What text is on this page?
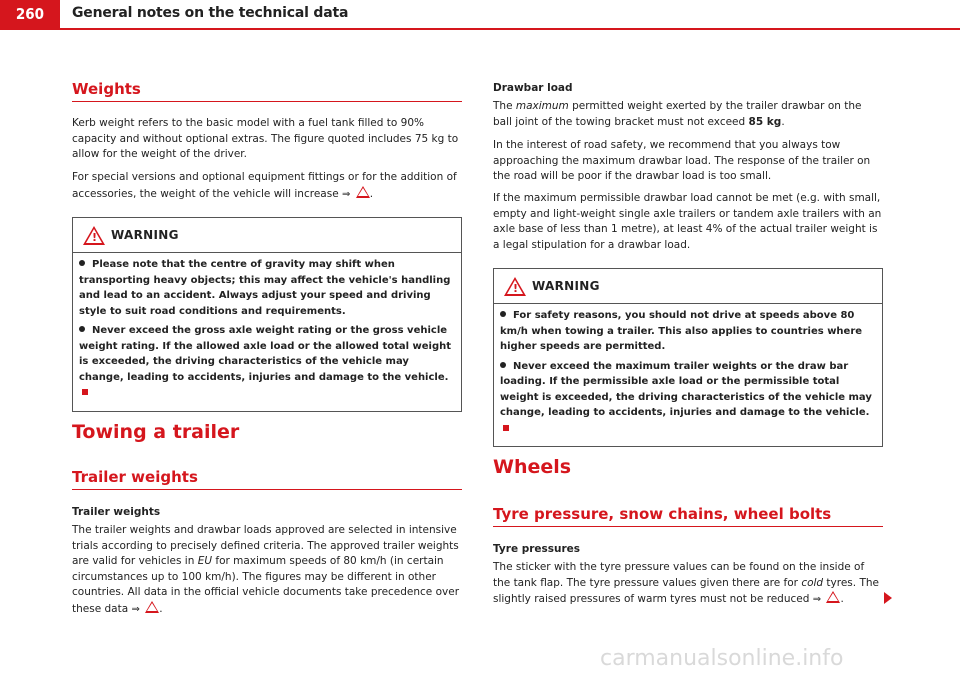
260	General notes on the technical data
Weights
Kerb weight refers to the basic model with a fuel tank filled to 90% capacity and without optional extras. The figure quoted includes 75 kg to allow for the weight of the driver.
For special versions and optional equipment fittings or for the addition of accessories, the weight of the vehicle will increase ⇒ .
! WARNING

Please note that the centre of gravity may shift when transporting heavy objects; this may affect the vehicle's handling and lead to an accident. Always adjust your speed and driving style to suit road conditions and requirements.

Never exceed the gross axle weight rating or the gross vehicle weight rating. If the allowed axle load or the allowed total weight is exceeded, the driving characteristics of the vehicle may change, leading to accidents, injuries and damage to the vehicle.

Towing a trailer
Trailer weights
Trailer weights
The trailer weights and drawbar loads approved are selected in intensive trials according to precisely defined criteria. The approved trailer weights are valid for vehicles in EU for maximum speeds of 80 km/h (in certain circumstances up to 100 km/h). The figures may be different in other countries. All data in the official vehicle documents take precedence over these data ⇒ .
Drawbar load
The maximum permitted weight exerted by the trailer drawbar on the ball joint of the towing bracket must not exceed 85 kg.
In the interest of road safety, we recommend that you always tow approaching the maximum drawbar load. The response of the trailer on the road will be poor if the drawbar load is too small.
If the maximum permissible drawbar load cannot be met (e.g. with small, empty and light-weight single axle trailers or tandem axle trailers with an axle base of less than 1 metre), at least 4% of the actual trailer weight is a legal stipulation for a drawbar load.
! WARNING

For safety reasons, you should not drive at speeds above 80 km/h when towing a trailer. This also applies to countries where higher speeds are permitted.

Never exceed the maximum trailer weights or the draw bar loading. If the permissible axle load or the permissible total weight is exceeded, the driving characteristics of the vehicle may change, leading to accidents, injuries and damage to the vehicle.

Wheels
Tyre pressure, snow chains, wheel bolts
Tyre pressures
The sticker with the tyre pressure values can be found on the inside of the tank flap. The tyre pressure values given there are for cold tyres. The slightly raised pressures of warm tyres must not be reduced ⇒ .
carmanualsonline.info
